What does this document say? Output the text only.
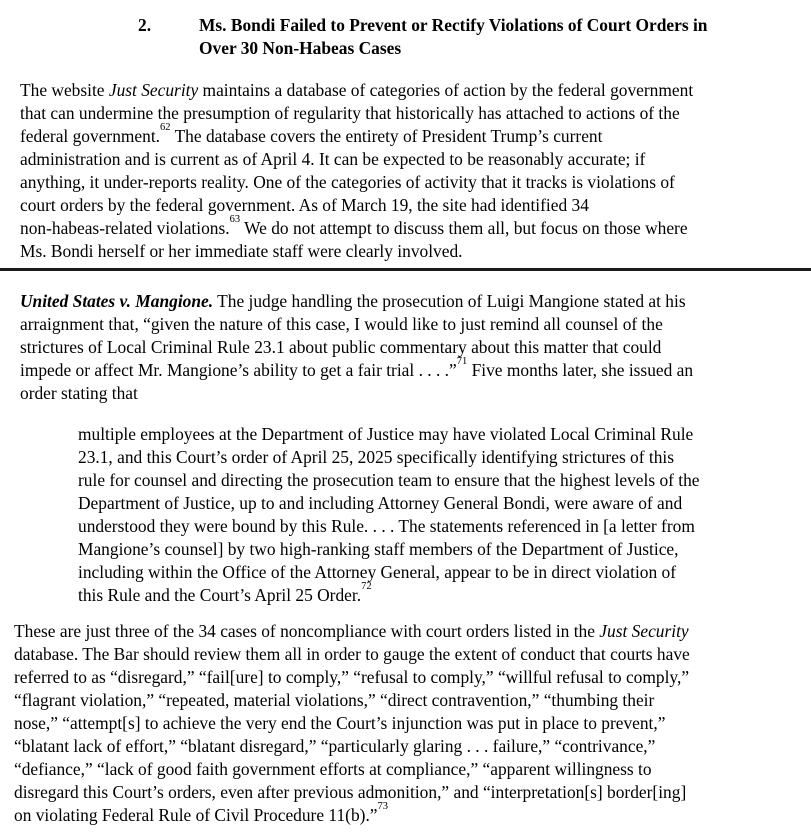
2.	Ms. Bondi Failed to Prevent or Rectify Violations of Court Orders in
Over 30 Non-Habeas Cases

The website Just Security maintains a database of categories of action by the federal government
that can undermine the presumption of regularity that historically has attached to actions of the
federal government.$^{62}$ The database covers the entirety of President Trump’s current
administration and is current as of April 4. It can be expected to be reasonably accurate; if
anything, it under-reports reality. One of the categories of activity that it tracks is violations of
court orders by the federal government. As of March 19, the site had identified 34
non-habeas-related violations.$^{63}$ We do not attempt to discuss them all, but focus on those where
Ms. Bondi herself or her immediate staff were clearly involved.

United States v. Mangione. The judge handling the prosecution of Luigi Mangione stated at his
arraignment that, “given the nature of this case, I would like to just remind all counsel of the
strictures of Local Criminal Rule 23.1 about public commentary about this matter that could
impede or affect Mr. Mangione’s ability to get a fair trial . . . .”$^{71}$ Five months later, she issued an
order stating that

multiple employees at the Department of Justice may have violated Local Criminal Rule
23.1, and this Court’s order of April 25, 2025 specifically identifying strictures of this
rule for counsel and directing the prosecution team to ensure that the highest levels of the
Department of Justice, up to and including Attorney General Bondi, were aware of and
understood they were bound by this Rule. . . . The statements referenced in [a letter from
Mangione’s counsel] by two high-ranking staff members of the Department of Justice,
including within the Office of the Attorney General, appear to be in direct violation of
this Rule and the Court’s April 25 Order.$^{72}$

These are just three of the 34 cases of noncompliance with court orders listed in the Just Security
database. The Bar should review them all in order to gauge the extent of conduct that courts have
referred to as “disregard,” “fail[ure] to comply,” “refusal to comply,” “willful refusal to comply,”
“flagrant violation,” “repeated, material violations,” “direct contravention,” “thumbing their
nose,” “attempt[s] to achieve the very end the Court’s injunction was put in place to prevent,”
“blatant lack of effort,” “blatant disregard,” “particularly glaring . . . failure,” “contrivance,”
“defiance,” “lack of good faith government efforts at compliance,” “apparent willingness to
disregard this Court’s orders, even after previous admonition,” and “interpretation[s] border[ing]
on violating Federal Rule of Civil Procedure 11(b).”$^{73}$
